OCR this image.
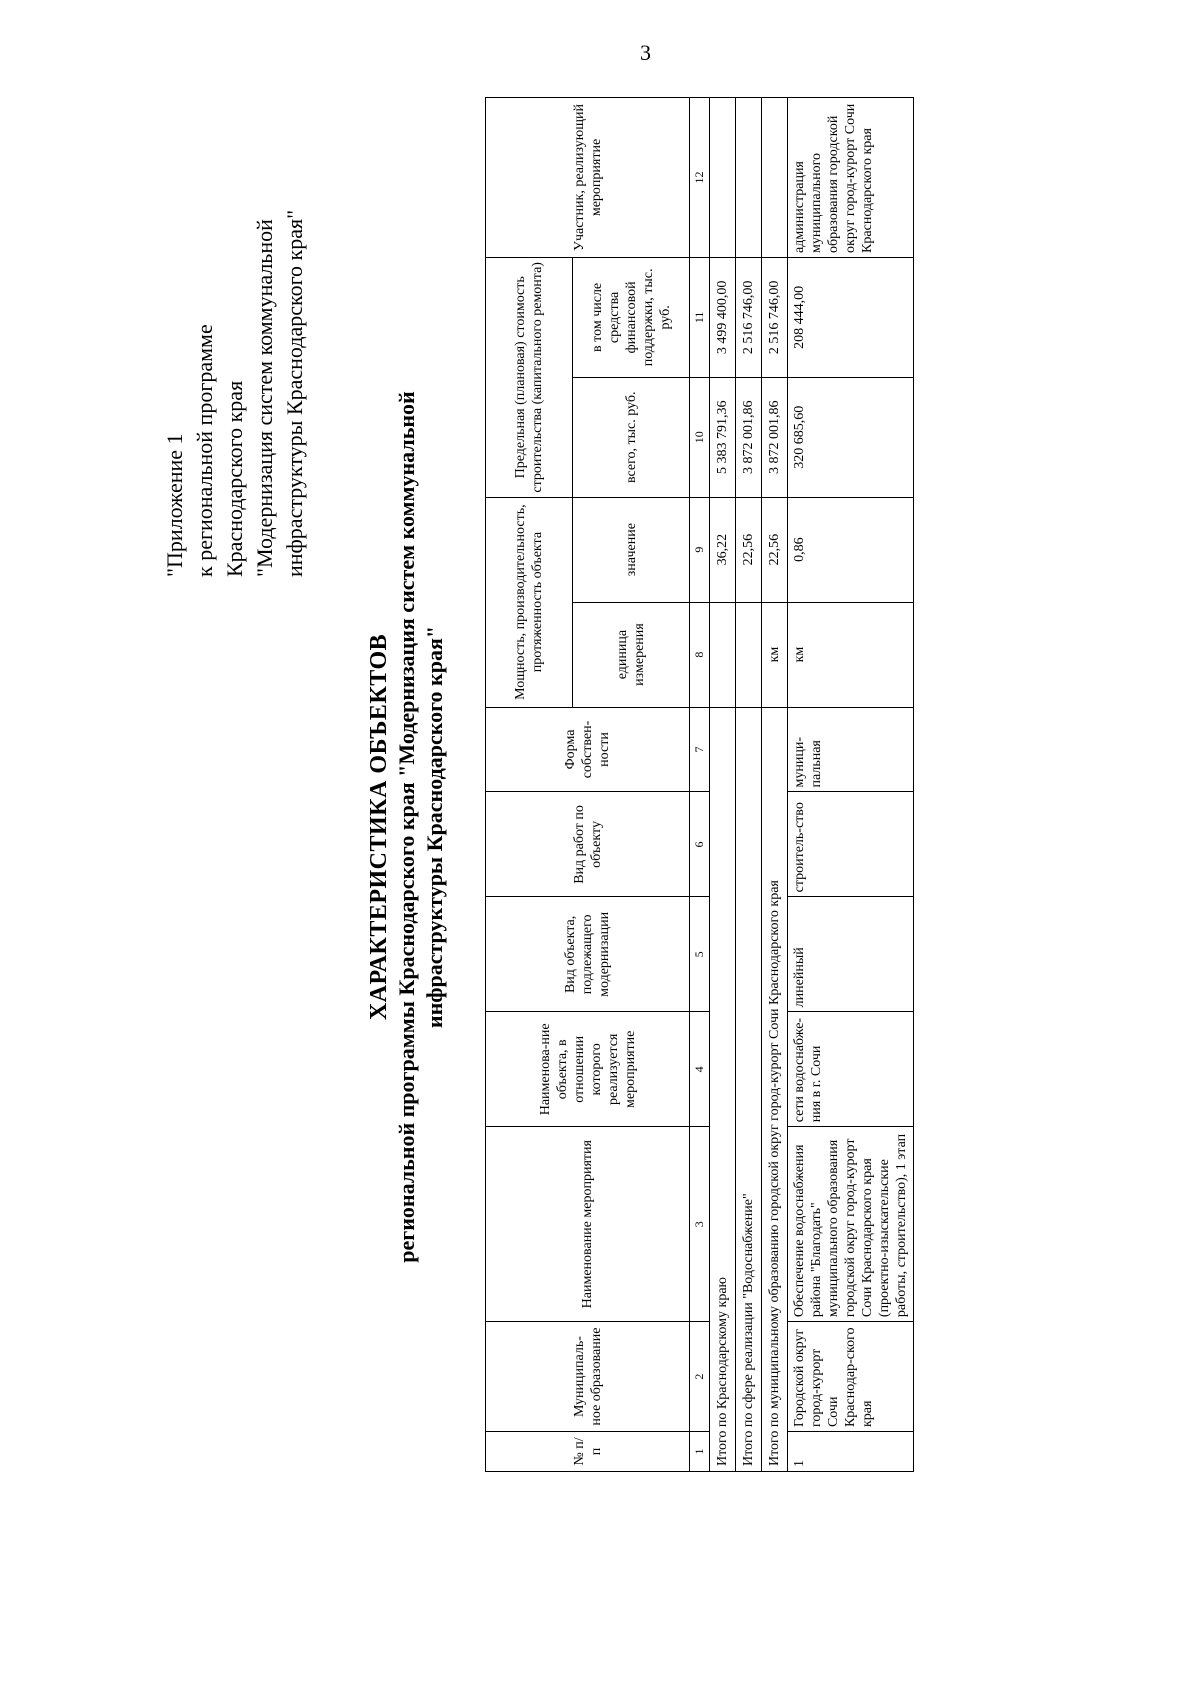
3
"Приложение 1 к региональной программе Краснодарского края "Модернизация систем коммунальной инфраструктуры Краснодарского края"
ХАРАКТЕРИСТИКА ОБЪЕКТОВ региональной программы Краснодарского края "Модернизация систем коммунальной инфраструктуры Краснодарского края"
№ п/п	Муниципаль-ное образование	Наименование мероприятия	Наименова-ние объекта, в отношении которого реализуется мероприятие	Вид объекта, подлежащего модернизации	Вид работ по объекту	Форма собствен-ности	Мощность, производительность, протяженность объекта		Предельная (плановая) стоимость строительства (капитального ремонта)		Участник, реализующий мероприятие
							единица измерения	значение	всего, тыс. руб.	в том числе средства финансовой поддержки, тыс. руб.	
1	2	3	4	5	6	7	8	9	10	11	12
Итого по Краснодарскому краю								36,22	5 383 791,36	3 499 400,00	
Итого по сфере реализации "Водоснабжение"								22,56	3 872 001,86	2 516 746,00	
Итого по муниципальному образованию городской округ город-курорт Сочи Краснодарского края							км	22,56	3 872 001,86	2 516 746,00	
1	Городской округ город-курорт Сочи Краснодар-ского края	Обеспечение водоснабжения района "Благодать" муниципального образования городской округ город-курорт Сочи Краснодарского края (проектно-изыскательские работы, строительство), 1 этап	сети водоснабже-ния в г. Сочи	линейный	строитель-ство	муници-пальная	км	0,86	320 685,60	208 444,00	администрация муниципального образования городской округ город-курорт Сочи Краснодарского края
